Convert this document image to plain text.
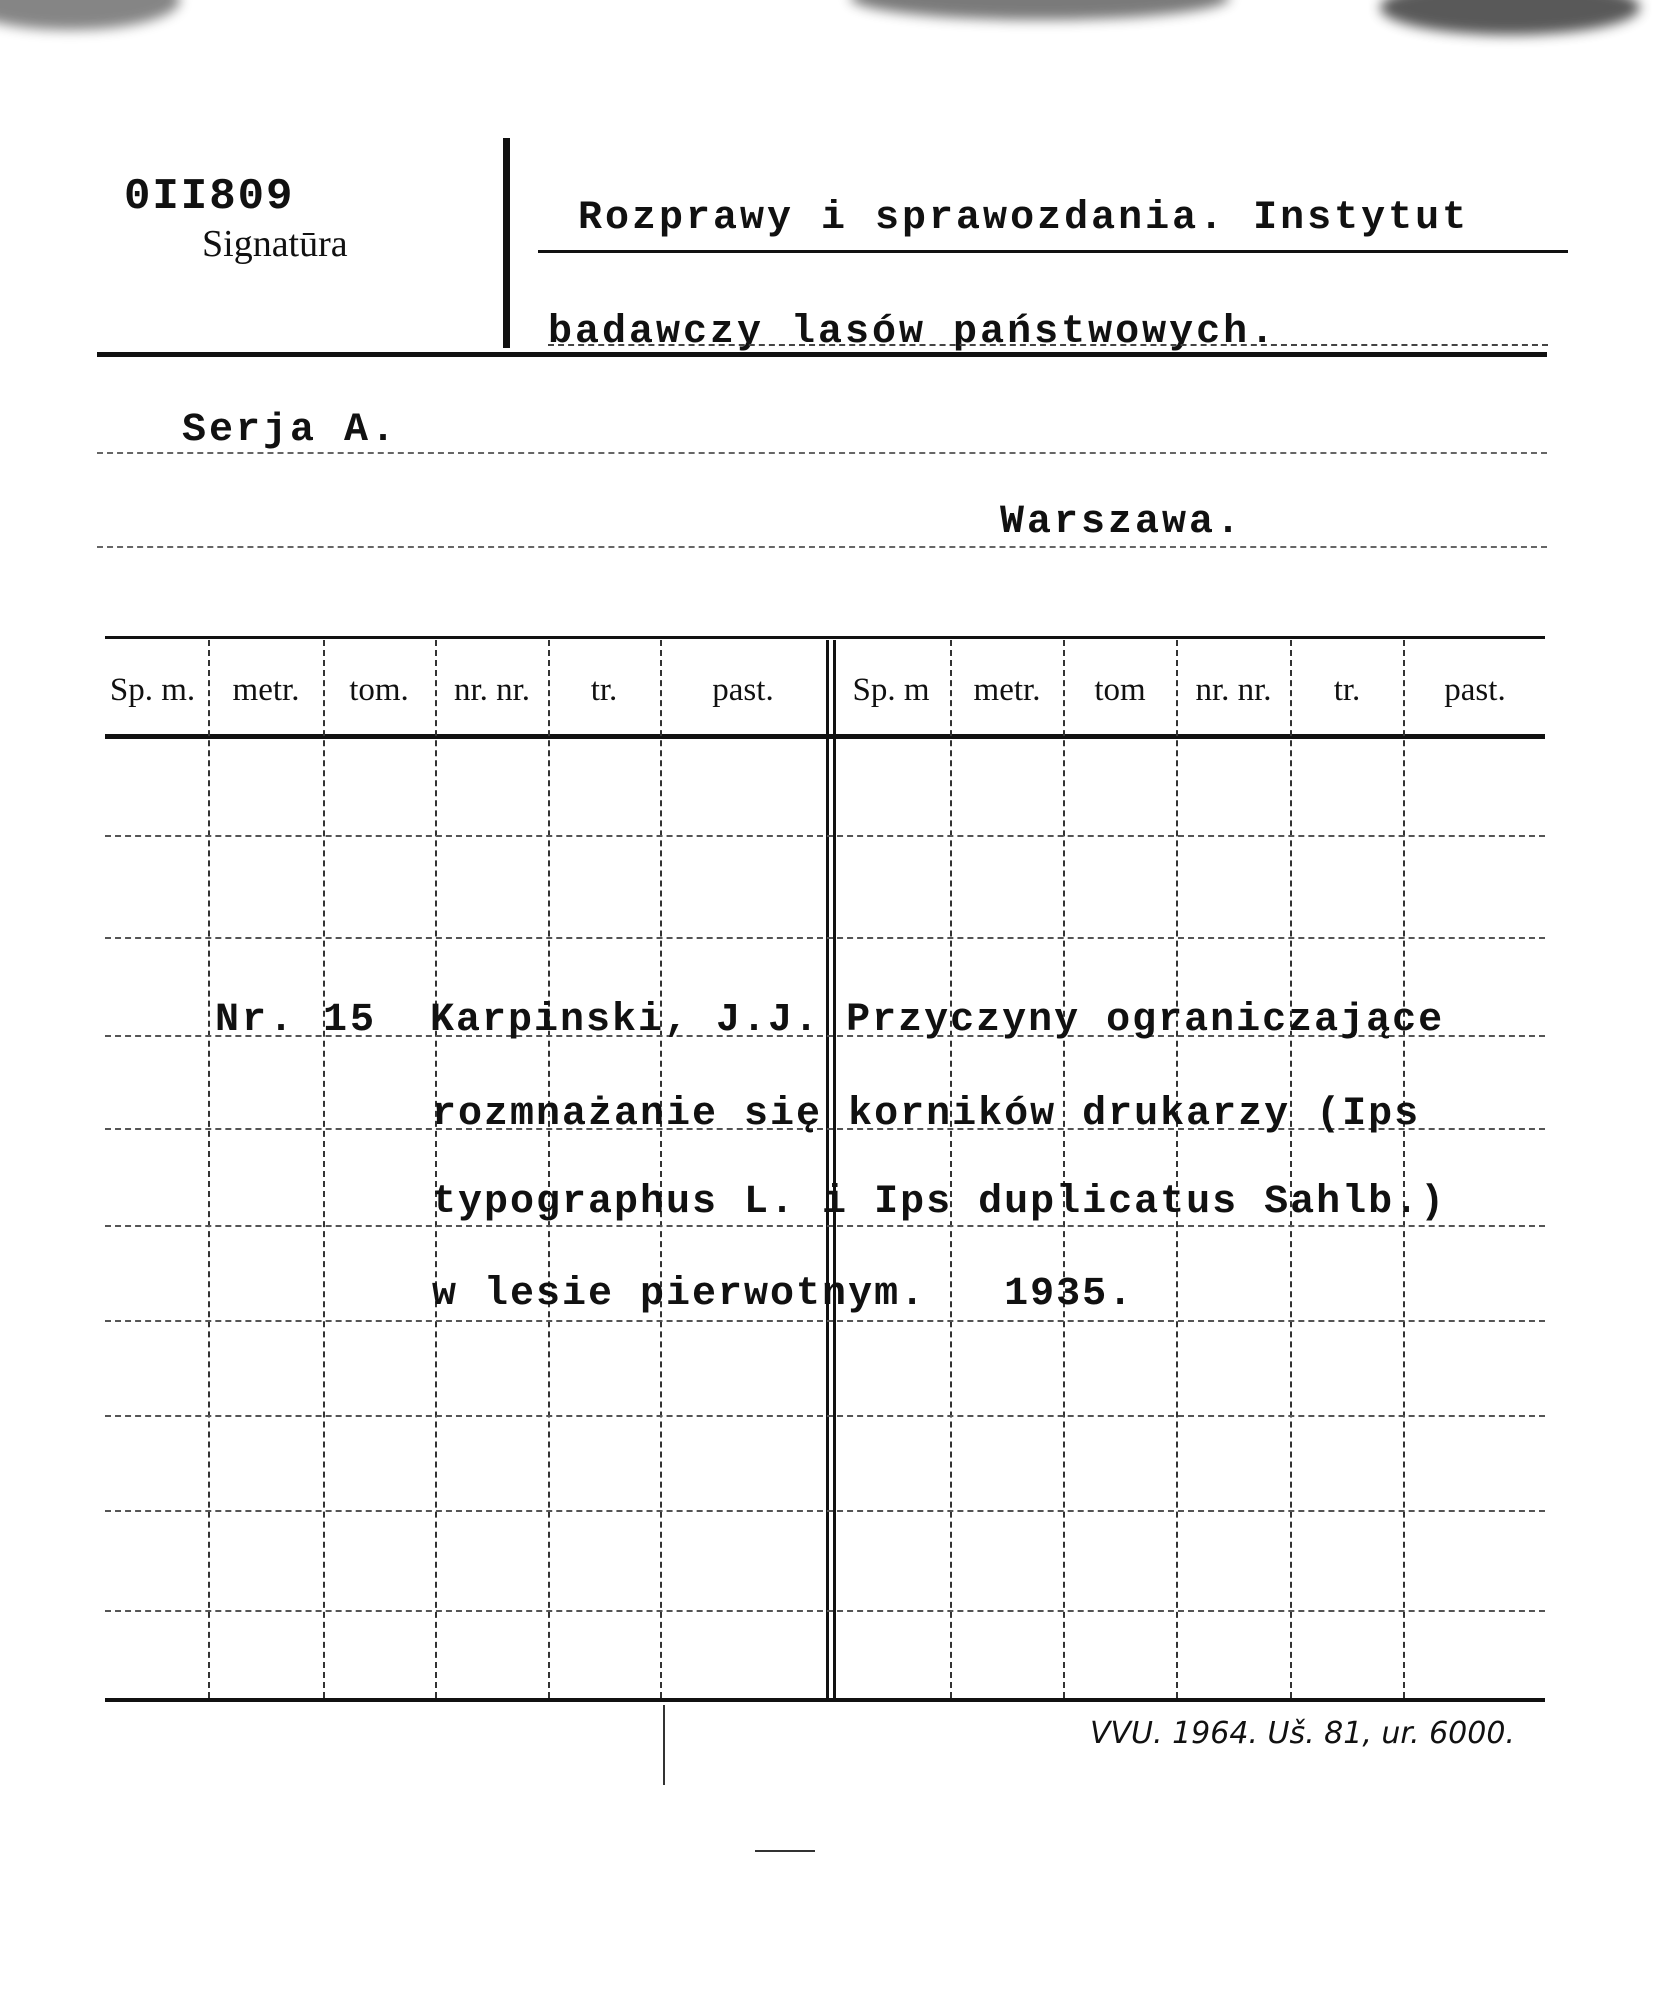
0II809
Signatūra
Rozprawy i sprawozdania. Instytut
badawczy lasów państwowych.
Serja A.
Warszawa.
Sp. m.	metr.	tom.	nr. nr.	tr.	past.	Sp. m	metr.	tom	nr. nr.	tr.	past.
Nr. 15 Karpinski, J.J. Przyczyny ograniczające
rozmnażanie się korników drukarzy (Ips
typographus L. i Ips duplicatus Sahlb.)
w lesie pierwotnym.   1935.
VVU. 1964. Uš. 81, ur. 6000.
